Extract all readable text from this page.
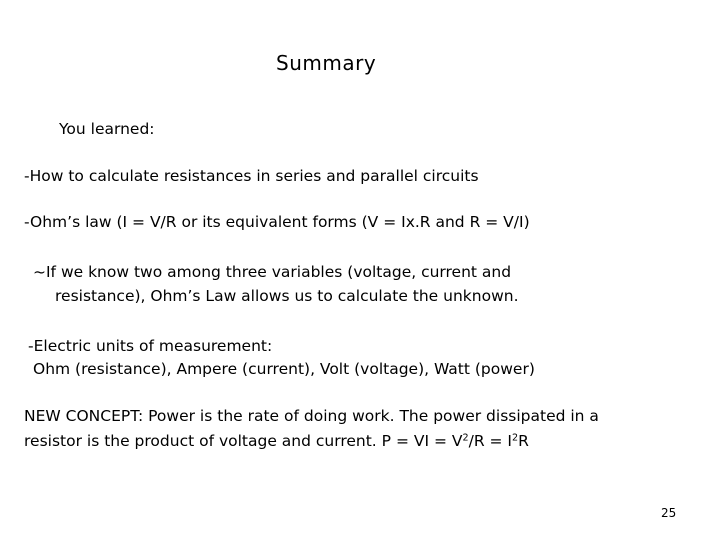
Summary
You learned:
-How to calculate resistances in series and parallel circuits
-Ohm’s law (I = V/R or its equivalent forms (V = Ix.R and R = V/I)
~If we know two among three variables (voltage, current and
resistance), Ohm’s Law allows us to calculate the unknown.
-Electric units of measurement:
Ohm (resistance), Ampere (current), Volt (voltage), Watt (power)
NEW CONCEPT: Power is the rate of doing work. The power dissipated in a
resistor is the product of voltage and current. P = VI = $V^2/R = I^2R$
25
